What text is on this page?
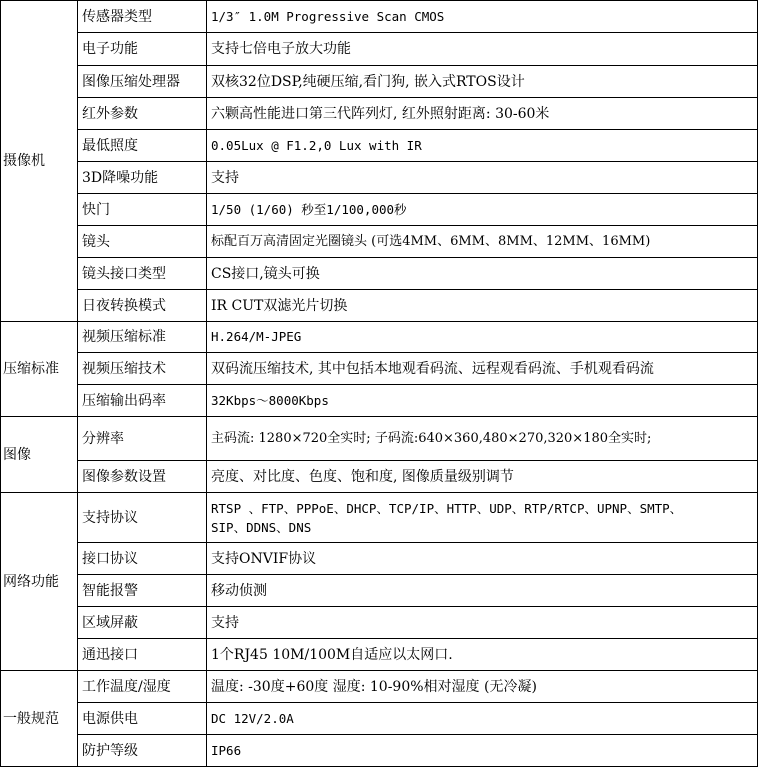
摄像机	传感器类型	1/3″ 1.0M Progressive Scan CMOS
	电子功能	支持七倍电子放大功能
	图像压缩处理器	双核32位DSP,纯硬压缩,看门狗, 嵌入式RTOS设计
	红外参数	六颗高性能进口第三代阵列灯, 红外照射距离: 30-60米
	最低照度	0.05Lux @ F1.2,0 Lux with IR
	3D降噪功能	支持
	快门	1/50 (1/60) 秒至1/100,000秒
	镜头	标配百万高清固定光圈镜头 (可选4MM、6MM、8MM、12MM、16MM)
	镜头接口类型	CS接口,镜头可换
	日夜转换模式	IR CUT双滤光片切换
压缩标准	视频压缩标准	H.264/M-JPEG
	视频压缩技术	双码流压缩技术, 其中包括本地观看码流、远程观看码流、手机观看码流
	压缩输出码率	32Kbps～8000Kbps
图像	分辨率	主码流: 1280×720全实时; 子码流:640×360,480×270,320×180全实时;
	图像参数设置	亮度、对比度、色度、饱和度, 图像质量级别调节
网络功能	支持协议	RTSP 、FTP、PPPoE、DHCP、TCP/IP、HTTP、UDP、RTP/RTCP、UPNP、SMTP、
SIP、DDNS、DNS

	接口协议	支持ONVIF协议
	智能报警	移动侦测
	区域屏蔽	支持
	通迅接口	1个RJ45 10M/100M自适应以太网口.
一般规范	工作温度/湿度	温度: -30度+60度 湿度: 10-90%相对湿度 (无冷凝)
	电源供电	DC 12V/2.0A
	防护等级	IP66
